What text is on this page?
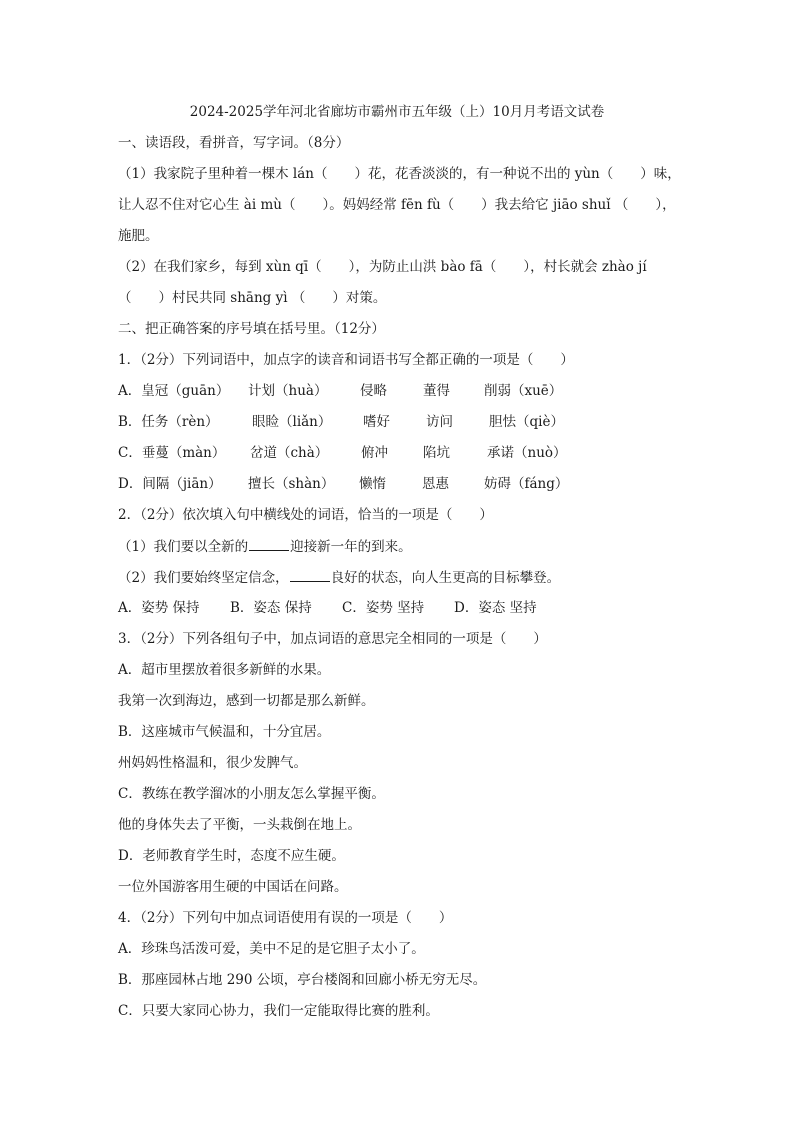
2024-2025学年河北省廊坊市霸州市五年级（上）10月月考语文试卷
一、读语段，看拼音，写字词。（8分）
（1）我家院子里种着一棵木 lán（　　）花，花香淡淡的，有一种说不出的 yùn（　　）味，
让人忍不住对它心生 ài mù（　　）。妈妈经常 fēn fù（　　）我去给它 jiāo shuǐ （　　），
施肥。
（2）在我们家乡，每到 xùn qī（　　），为防止山洪 bào fā（　　），村长就会 zhào jí
（　　）村民共同 shāng yì （　　）对策。
二、把正确答案的序号填在括号里。（12分）
1．（2分）下列词语中，加点字的读音和词语书写全都正确的一项是（　　）
A．皇冠（guān） 计划（huà） 侵略	董得	削弱（xuē）
B．任务（rèn） 眼睑（liǎn） 嗜好	访问	胆怯（qiè）
C．垂蔓（màn） 岔道（chà） 俯冲	陷坑	承诺（nuò）
D．间隔（jiān） 擅长（shàn） 懒惰	恩惠	妨碍（fáng）
2．（2分）依次填入句中横线处的词语，恰当的一项是（　　）
（1）我们要以全新的	迎接新一年的到来。
（2）我们要始终坚定信念，	良好的状态，向人生更高的目标攀登。
A．姿势 保持 B．姿态 保持 C．姿势 坚持 D．姿态 坚持
3．（2分）下列各组句子中，加点词语的意思完全相同的一项是（　　）
A．超市里摆放着很多新鲜的水果。
我第一次到海边，感到一切都是那么新鲜。
B．这座城市气候温和，十分宜居。
州妈妈性格温和，很少发脾气。
C．教练在教学溜冰的小朋友怎么掌握平衡。
他的身体失去了平衡，一头栽倒在地上。
D．老师教育学生时，态度不应生硬。
一位外国游客用生硬的中国话在问路。
4．（2分）下列句中加点词语使用有误的一项是（　　）
A．珍珠鸟活泼可爱，美中不足的是它胆子太小了。
B．那座园林占地 290 公顷，亭台楼阁和回廊小桥无穷无尽。
C．只要大家同心协力，我们一定能取得比赛的胜利。
